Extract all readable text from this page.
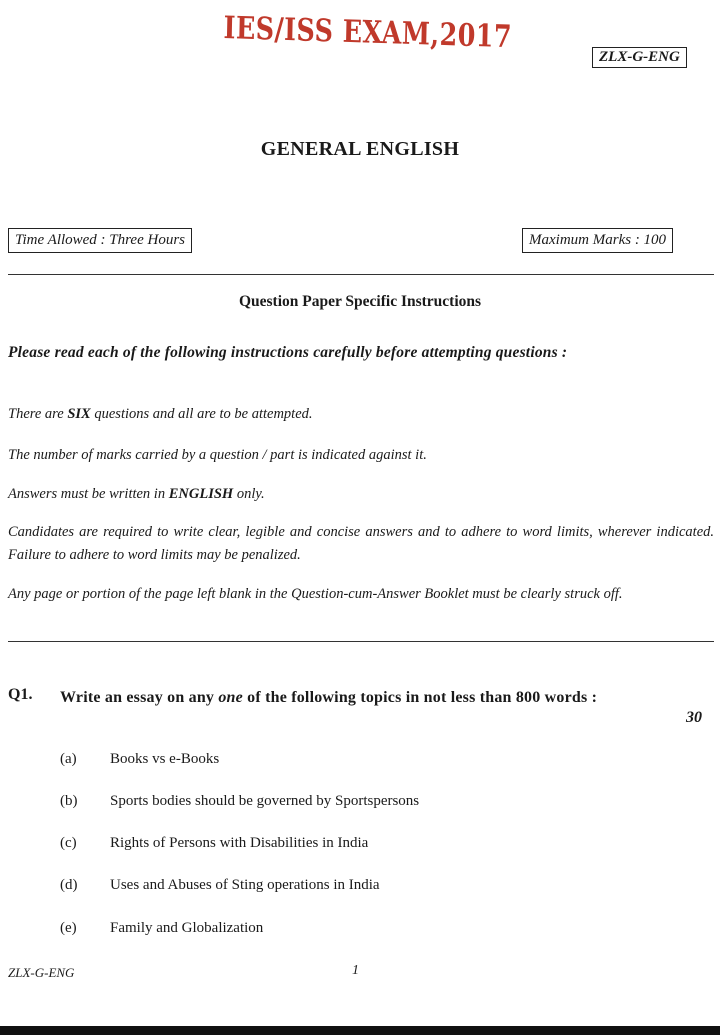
IES/ISS EXAM,2017
ZLX-G-ENG
GENERAL ENGLISH
Time Allowed : Three Hours	Maximum Marks : 100
Question Paper Specific Instructions
Please read each of the following instructions carefully before attempting questions :
There are SIX questions and all are to be attempted.
The number of marks carried by a question / part is indicated against it.
Answers must be written in ENGLISH only.
Candidates are required to write clear, legible and concise answers and to adhere to word limits, wherever indicated. Failure to adhere to word limits may be penalized.
Any page or portion of the page left blank in the Question-cum-Answer Booklet must be clearly struck off.
Q1. Write an essay on any one of the following topics in not less than 800 words :
30
(a) Books vs e-Books
(b) Sports bodies should be governed by Sportspersons
(c) Rights of Persons with Disabilities in India
(d) Uses and Abuses of Sting operations in India
(e) Family and Globalization
ZLX-G-ENG	1
